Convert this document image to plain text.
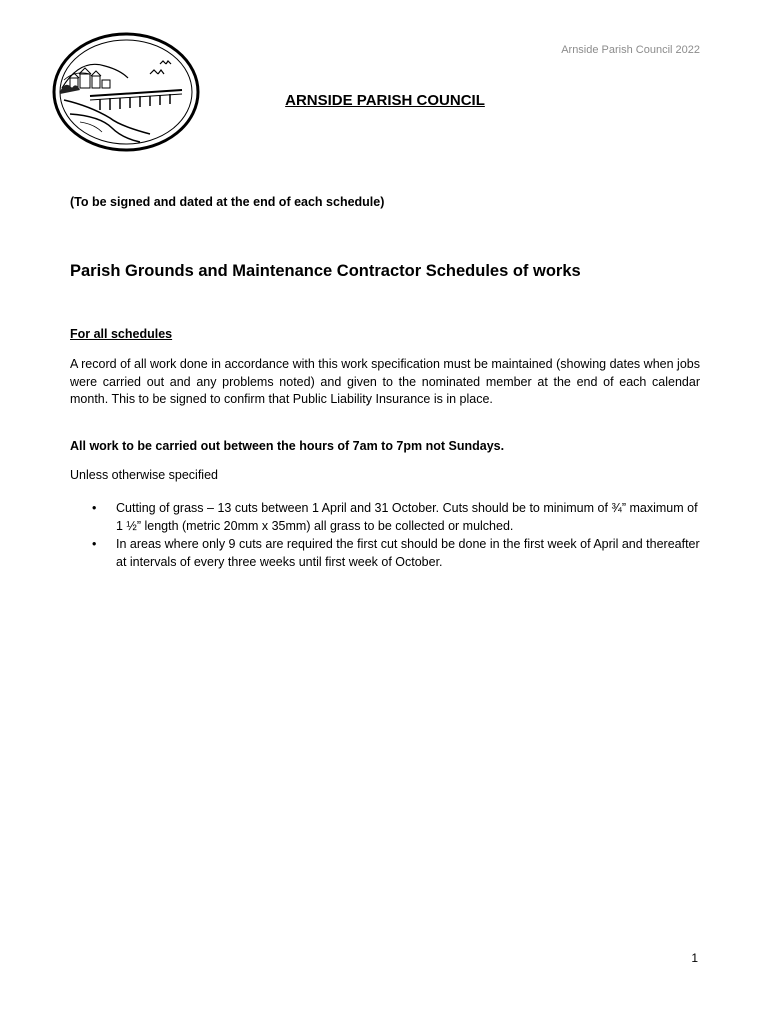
Arnside Parish Council 2022
ARNSIDE PARISH COUNCIL
(To be signed and dated at the end of each schedule)
Parish Grounds and Maintenance Contractor Schedules of works
For all schedules
A record of all work done in accordance with this work specification must be maintained (showing dates when jobs were carried out and any problems noted) and given to the nominated member at the end of each calendar month. This to be signed to confirm that Public Liability Insurance is in place.
All work to be carried out between the hours of 7am to 7pm not Sundays.
Unless otherwise specified
• Cutting of grass – 13 cuts between 1 April and 31 October. Cuts should be to minimum of ¾” maximum of 1 ½” length (metric 20mm x 35mm) all grass to be collected or mulched.
• In areas where only 9 cuts are required the first cut should be done in the first week of April and thereafter at intervals of every three weeks until first week of October.
1
